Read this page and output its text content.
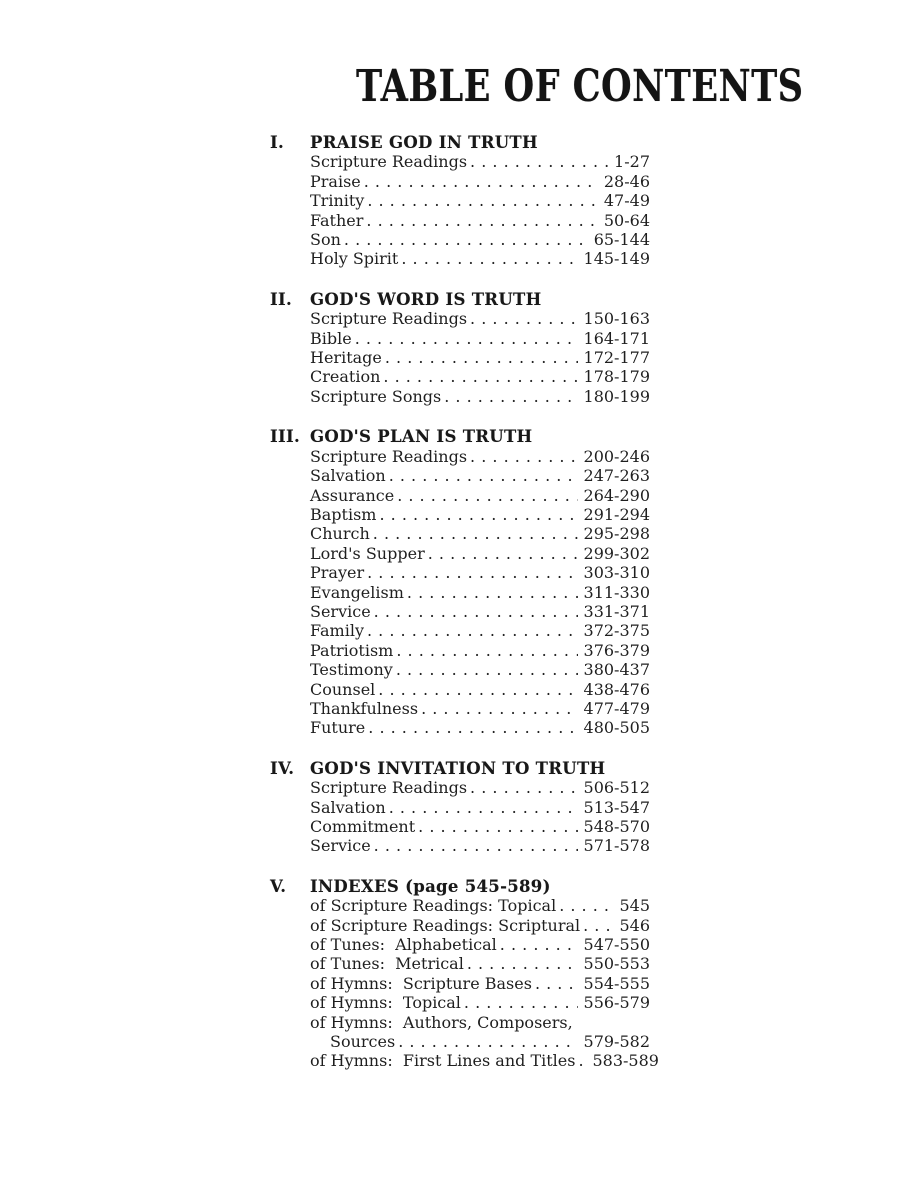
TABLE OF CONTENTS
I.	PRAISE GOD IN TRUTH
Scripture Readings . . .	1-27
Praise . . .	28-46
Trinity . . .	47-49
Father . . .	50-64
Son . . .	65-144
Holy Spirit . . .	145-149
II.	GOD'S WORD IS TRUTH
Scripture Readings . . .	150-163
Bible . . .	164-171
Heritage . . .	172-177
Creation . . .	178-179
Scripture Songs . . .	180-199
III. GOD'S PLAN IS TRUTH
Scripture Readings . . .	200-246
Salvation . . .	247-263
Assurance . . .	264-290
Baptism . . .	291-294
Church . . .	295-298
Lord's Supper . . .	299-302
Prayer . . .	303-310
Evangelism . . .	311-330
Service . . .	331-371
Family . . .	372-375
Patriotism . . .	376-379
Testimony . . .	380-437
Counsel . . .	438-476
Thankfulness . . .	477-479
Future . . .	480-505
IV. GOD'S INVITATION TO TRUTH
Scripture Readings . . .	506-512
Salvation . . .	513-547
Commitment . . .	548-570
Service . . .	571-578
V.	INDEXES (page 545-589)
of Scripture Readings: Topical . . .	545
of Scripture Readings: Scriptural . . . 546
of Tunes:  Alphabetical . . .	547-550
of Tunes:  Metrical . . .	550-553
of Hymns:  Scripture Bases . . .	554-555
of Hymns:  Topical . . .	556-579
of Hymns:  Authors, Composers,
Sources . . .	579-582
of Hymns:  First Lines and Titles . . . 583-589
